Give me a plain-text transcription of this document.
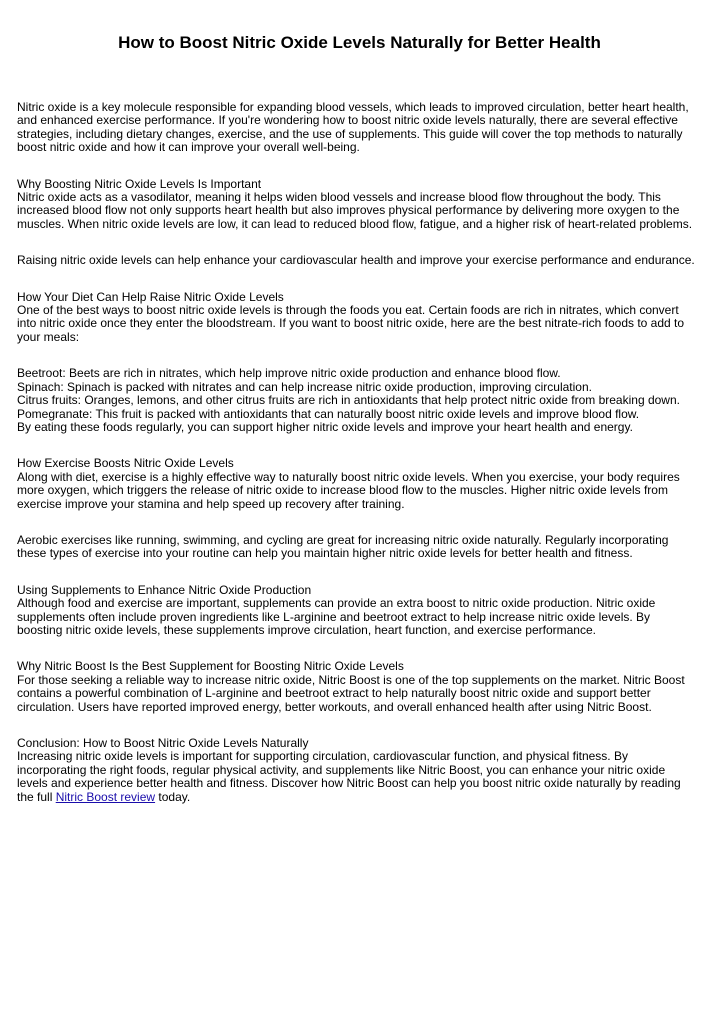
How to Boost Nitric Oxide Levels Naturally for Better Health
Nitric oxide is a key molecule responsible for expanding blood vessels, which leads to improved circulation, better heart health,
and enhanced exercise performance. If you're wondering how to boost nitric oxide levels naturally, there are several effective
strategies, including dietary changes, exercise, and the use of supplements. This guide will cover the top methods to naturally
boost nitric oxide and how it can improve your overall well-being.
Why Boosting Nitric Oxide Levels Is Important
Nitric oxide acts as a vasodilator, meaning it helps widen blood vessels and increase blood flow throughout the body. This
increased blood flow not only supports heart health but also improves physical performance by delivering more oxygen to the
muscles. When nitric oxide levels are low, it can lead to reduced blood flow, fatigue, and a higher risk of heart-related problems.
Raising nitric oxide levels can help enhance your cardiovascular health and improve your exercise performance and endurance.
How Your Diet Can Help Raise Nitric Oxide Levels
One of the best ways to boost nitric oxide levels is through the foods you eat. Certain foods are rich in nitrates, which convert
into nitric oxide once they enter the bloodstream. If you want to boost nitric oxide, here are the best nitrate-rich foods to add to
your meals:
Beetroot: Beets are rich in nitrates, which help improve nitric oxide production and enhance blood flow.
Spinach: Spinach is packed with nitrates and can help increase nitric oxide production, improving circulation.
Citrus fruits: Oranges, lemons, and other citrus fruits are rich in antioxidants that help protect nitric oxide from breaking down.
Pomegranate: This fruit is packed with antioxidants that can naturally boost nitric oxide levels and improve blood flow.
By eating these foods regularly, you can support higher nitric oxide levels and improve your heart health and energy.
How Exercise Boosts Nitric Oxide Levels
Along with diet, exercise is a highly effective way to naturally boost nitric oxide levels. When you exercise, your body requires
more oxygen, which triggers the release of nitric oxide to increase blood flow to the muscles. Higher nitric oxide levels from
exercise improve your stamina and help speed up recovery after training.
Aerobic exercises like running, swimming, and cycling are great for increasing nitric oxide naturally. Regularly incorporating
these types of exercise into your routine can help you maintain higher nitric oxide levels for better health and fitness.
Using Supplements to Enhance Nitric Oxide Production
Although food and exercise are important, supplements can provide an extra boost to nitric oxide production. Nitric oxide
supplements often include proven ingredients like L-arginine and beetroot extract to help increase nitric oxide levels. By
boosting nitric oxide levels, these supplements improve circulation, heart function, and exercise performance.
Why Nitric Boost Is the Best Supplement for Boosting Nitric Oxide Levels
For those seeking a reliable way to increase nitric oxide, Nitric Boost is one of the top supplements on the market. Nitric Boost
contains a powerful combination of L-arginine and beetroot extract to help naturally boost nitric oxide and support better
circulation. Users have reported improved energy, better workouts, and overall enhanced health after using Nitric Boost.
Conclusion: How to Boost Nitric Oxide Levels Naturally
Increasing nitric oxide levels is important for supporting circulation, cardiovascular function, and physical fitness. By
incorporating the right foods, regular physical activity, and supplements like Nitric Boost, you can enhance your nitric oxide
levels and experience better health and fitness. Discover how Nitric Boost can help you boost nitric oxide naturally by reading
the full Nitric Boost review today.
